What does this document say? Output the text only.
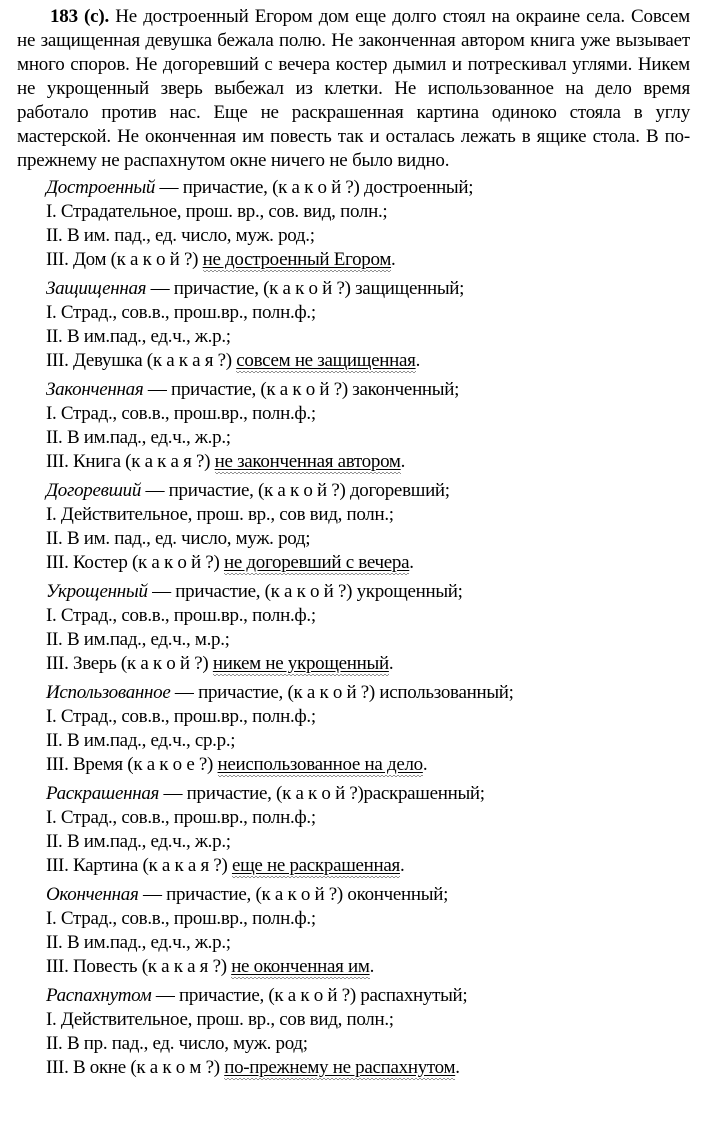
183 (с). Не достроенный Егором дом еще долго стоял на окраине села. Совсем не защищенная девушка бежала полю. Не законченная автором книга уже вызывает много споров. Не догоревший с вечера костер дымил и потрескивал углями. Никем не укрощенный зверь выбежал из клетки. Не использованное на дело время работало против нас. Еще не раскрашенная картина одиноко стояла в углу мастерской. Не оконченная им повесть так и осталась лежать в ящике стола. В по-прежнему не распахнутом окне ничего не было видно.

Достроенный — причастие, (к а к о й ?) достроенный;
I. Страдательное, прош. вр., сов. вид, полн.;
II. В им. пад., ед. число, муж. род.;
III. Дом (к а к о й ?) не достроенный Егором.
Защищенная — причастие, (к а к о й ?) защищенный;
I. Страд., сов.в., прош.вр., полн.ф.;
II. В им.пад., ед.ч., ж.р.;
III. Девушка (к а к а я ?) совсем не защищенная.
Законченная — причастие, (к а к о й ?) законченный;
I. Страд., сов.в., прош.вр., полн.ф.;
II. В им.пад., ед.ч., ж.р.;
III. Книга (к а к а я ?) не законченная автором.
Догоревший — причастие, (к а к о й ?) догоревший;
I. Действительное, прош. вр., сов вид, полн.;
II. В им. пад., ед. число, муж. род;
III. Костер (к а к о й ?) не догоревший с вечера.
Укрощенный — причастие, (к а к о й ?) укрощенный;
I. Страд., сов.в., прош.вр., полн.ф.;
II. В им.пад., ед.ч., м.р.;
III. Зверь (к а к о й ?) никем не укрощенный.
Использованное — причастие, (к а к о й ?) использованный;
I. Страд., сов.в., прош.вр., полн.ф.;
II. В им.пад., ед.ч., ср.р.;
III. Время (к а к о е ?) неиспользованное на дело.
Раскрашенная — причастие, (к а к о й ?)раскрашенный;
I. Страд., сов.в., прош.вр., полн.ф.;
II. В им.пад., ед.ч., ж.р.;
III. Картина (к а к а я ?) еще не раскрашенная.
Оконченная — причастие, (к а к о й ?) оконченный;
I. Страд., сов.в., прош.вр., полн.ф.;
II. В им.пад., ед.ч., ж.р.;
III. Повесть (к а к а я ?) не оконченная им.
Распахнутом — причастие, (к а к о й ?) распахнутый;
I. Действительное, прош. вр., сов вид, полн.;
II. В пр. пад., ед. число, муж. род;
III. В окне (к а к о м ?) по-прежнему не распахнутом.
